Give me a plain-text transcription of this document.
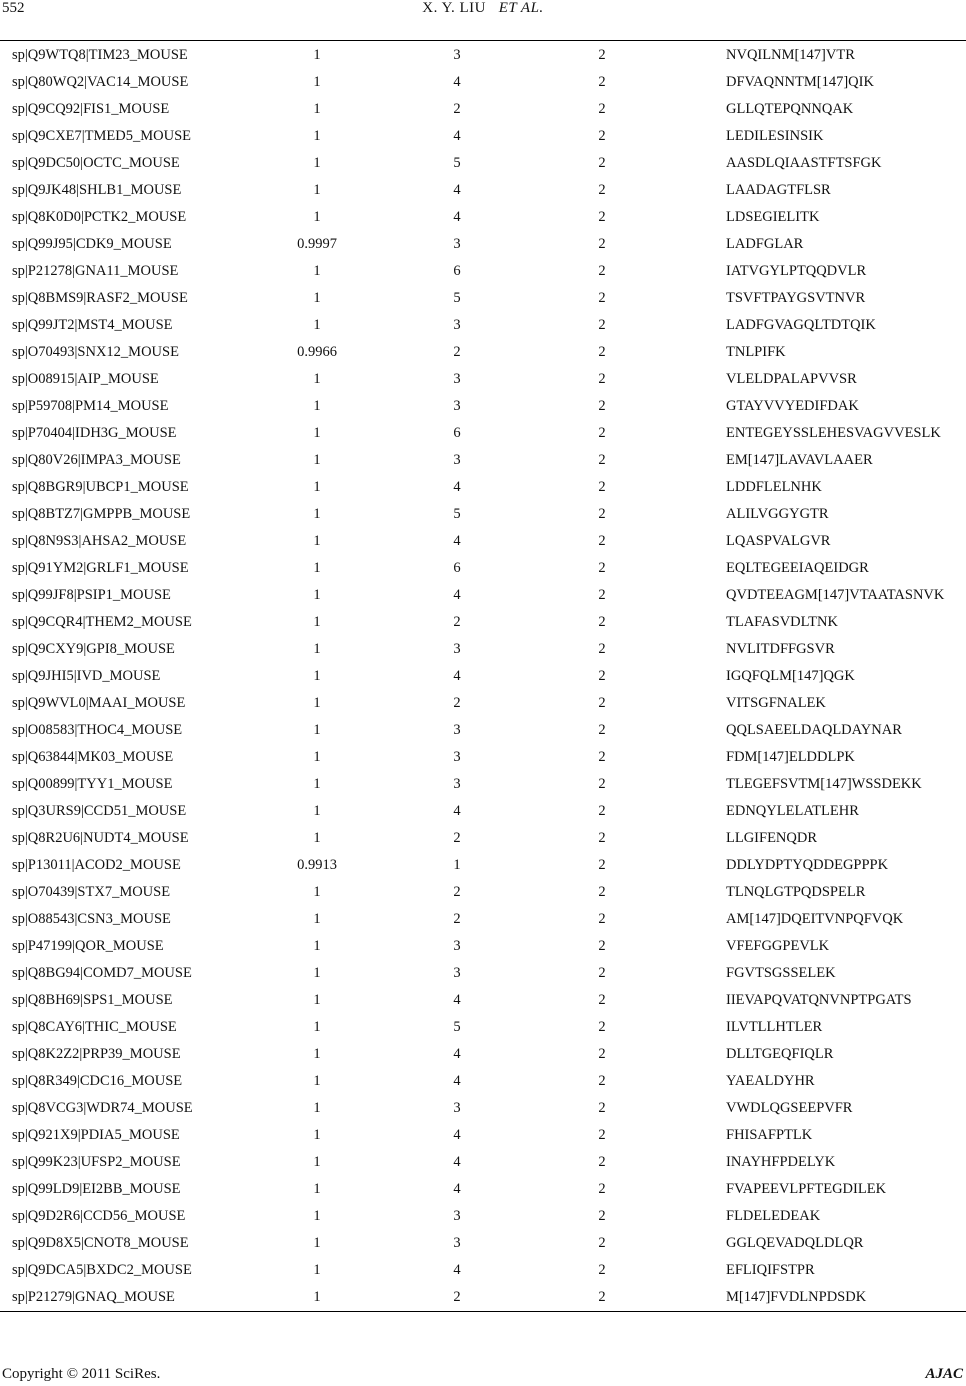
552	X. Y. LIU ET AL.
sp|Q9WTQ8|TIM23_MOUSE	1	3	2	NVQILNM[147]VTR
sp|Q80WQ2|VAC14_MOUSE	1	4	2	DFVAQNNTM[147]QIK
sp|Q9CQ92|FIS1_MOUSE	1	2	2	GLLQTEPQNNQAK
sp|Q9CXE7|TMED5_MOUSE	1	4	2	LEDILESINSIK
sp|Q9DC50|OCTC_MOUSE	1	5	2	AASDLQIAASTFTSFGK
sp|Q9JK48|SHLB1_MOUSE	1	4	2	LAADAGTFLSR
sp|Q8K0D0|PCTK2_MOUSE	1	4	2	LDSEGIELITK
sp|Q99J95|CDK9_MOUSE	0.9997	3	2	LADFGLAR
sp|P21278|GNA11_MOUSE	1	6	2	IATVGYLPTQQDVLR
sp|Q8BMS9|RASF2_MOUSE	1	5	2	TSVFTPAYGSVTNVR
sp|Q99JT2|MST4_MOUSE	1	3	2	LADFGVAGQLTDTQIK
sp|O70493|SNX12_MOUSE	0.9966	2	2	TNLPIFK
sp|O08915|AIP_MOUSE	1	3	2	VLELDPALAPVVSR
sp|P59708|PM14_MOUSE	1	3	2	GTAYVVYEDIFDAK
sp|P70404|IDH3G_MOUSE	1	6	2	ENTEGEYSSLEHESVAGVVESLK
sp|Q80V26|IMPA3_MOUSE	1	3	2	EM[147]LAVAVLAAER
sp|Q8BGR9|UBCP1_MOUSE	1	4	2	LDDFLELNHK
sp|Q8BTZ7|GMPPB_MOUSE	1	5	2	ALILVGGYGTR
sp|Q8N9S3|AHSA2_MOUSE	1	4	2	LQASPVALGVR
sp|Q91YM2|GRLF1_MOUSE	1	6	2	EQLTEGEEIAQEIDGR
sp|Q99JF8|PSIP1_MOUSE	1	4	2	QVDTEEAGM[147]VTAATASNVK
sp|Q9CQR4|THEM2_MOUSE	1	2	2	TLAFASVDLTNK
sp|Q9CXY9|GPI8_MOUSE	1	3	2	NVLITDFFGSVR
sp|Q9JHI5|IVD_MOUSE	1	4	2	IGQFQLM[147]QGK
sp|Q9WVL0|MAAI_MOUSE	1	2	2	VITSGFNALEK
sp|O08583|THOC4_MOUSE	1	3	2	QQLSAEELDAQLDAYNAR
sp|Q63844|MK03_MOUSE	1	3	2	FDM[147]ELDDLPK
sp|Q00899|TYY1_MOUSE	1	3	2	TLEGEFSVTM[147]WSSDEKK
sp|Q3URS9|CCD51_MOUSE	1	4	2	EDNQYLELATLEHR
sp|Q8R2U6|NUDT4_MOUSE	1	2	2	LLGIFENQDR
sp|P13011|ACOD2_MOUSE	0.9913	1	2	DDLYDPTYQDDEGPPPK
sp|O70439|STX7_MOUSE	1	2	2	TLNQLGTPQDSPELR
sp|O88543|CSN3_MOUSE	1	2	2	AM[147]DQEITVNPQFVQK
sp|P47199|QOR_MOUSE	1	3	2	VFEFGGPEVLK
sp|Q8BG94|COMD7_MOUSE	1	3	2	FGVTSGSSELEK
sp|Q8BH69|SPS1_MOUSE	1	4	2	IIEVAPQVATQNVNPTPGATS
sp|Q8CAY6|THIC_MOUSE	1	5	2	ILVTLLHTLER
sp|Q8K2Z2|PRP39_MOUSE	1	4	2	DLLTGEQFIQLR
sp|Q8R349|CDC16_MOUSE	1	4	2	YAEALDYHR
sp|Q8VCG3|WDR74_MOUSE	1	3	2	VWDLQGSEEPVFR
sp|Q921X9|PDIA5_MOUSE	1	4	2	FHISAFPTLK
sp|Q99K23|UFSP2_MOUSE	1	4	2	INAYHFPDELYK
sp|Q99LD9|EI2BB_MOUSE	1	4	2	FVAPEEVLPFTEGDILEK
sp|Q9D2R6|CCD56_MOUSE	1	3	2	FLDELEDEAK
sp|Q9D8X5|CNOT8_MOUSE	1	3	2	GGLQEVADQLDLQR
sp|Q9DCA5|BXDC2_MOUSE	1	4	2	EFLIQIFSTPR
sp|P21279|GNAQ_MOUSE	1	2	2	M[147]FVDLNPDSDK
Copyright © 2011 SciRes.	AJAC
